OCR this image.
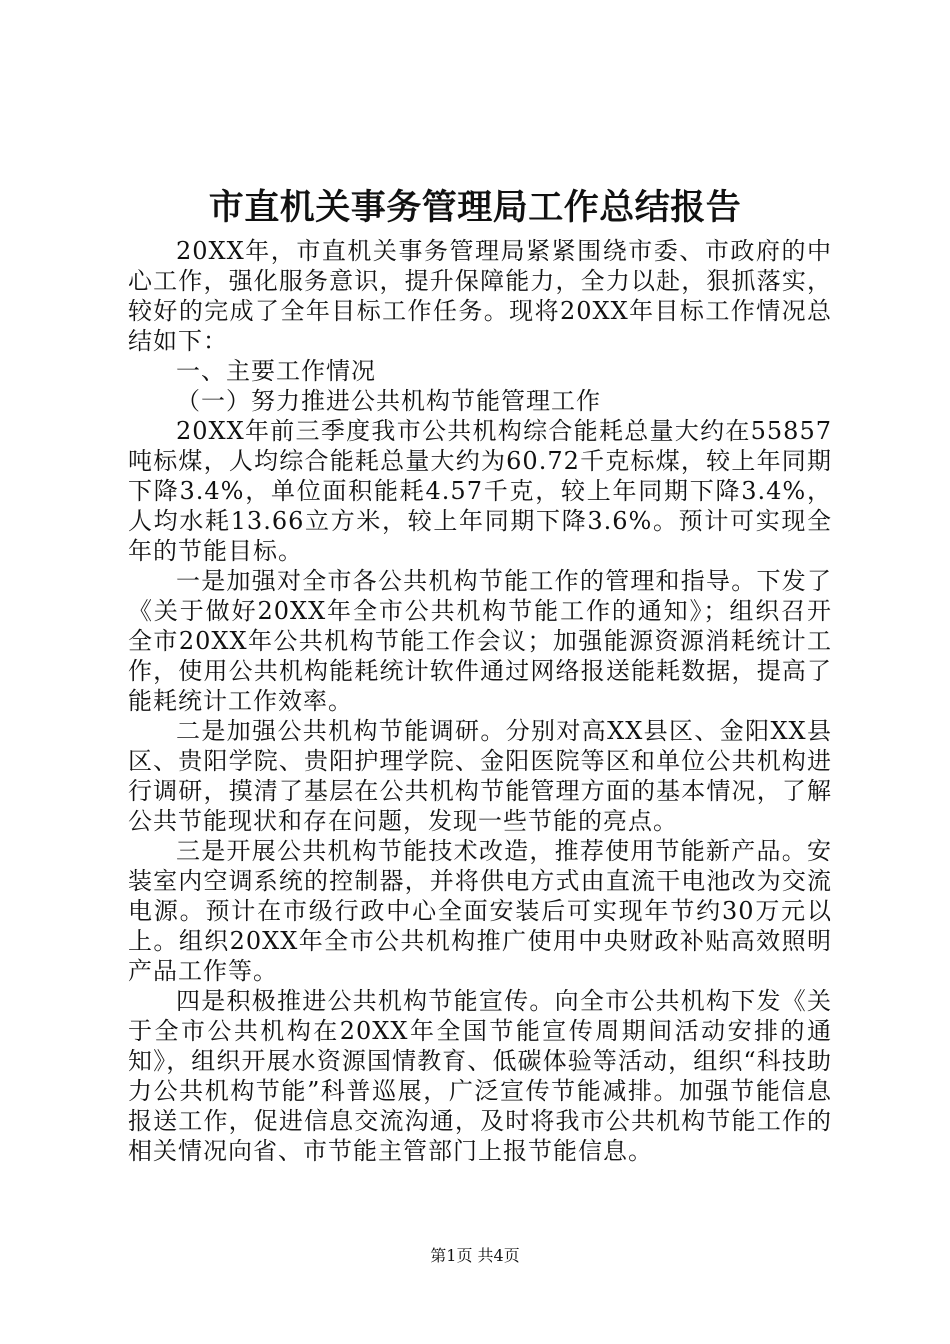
市直机关事务管理局工作总结报告

20XX年，市直机关事务管理局紧紧围绕市委、市政府的中心工作，强化服务意识，提升保障能力，全力以赴，狠抓落实，较好的完成了全年目标工作任务。现将20XX年目标工作情况总结如下：

一、主要工作情况

（一）努力推进公共机构节能管理工作

20XX年前三季度我市公共机构综合能耗总量大约在55857吨标煤，人均综合能耗总量大约为60.72千克标煤，较上年同期下降3.4%，单位面积能耗4.57千克，较上年同期下降3.4%，人均水耗13.66立方米，较上年同期下降3.6%。预计可实现全年的节能目标。

一是加强对全市各公共机构节能工作的管理和指导。下发了《关于做好20XX年全市公共机构节能工作的通知》；组织召开全市20XX年公共机构节能工作会议；加强能源资源消耗统计工作，使用公共机构能耗统计软件通过网络报送能耗数据，提高了能耗统计工作效率。

二是加强公共机构节能调研。分别对高XX县区、金阳XX县区、贵阳学院、贵阳护理学院、金阳医院等区和单位公共机构进行调研，摸清了基层在公共机构节能管理方面的基本情况，了解公共节能现状和存在问题，发现一些节能的亮点。

三是开展公共机构节能技术改造，推荐使用节能新产品。安装室内空调系统的控制器，并将供电方式由直流干电池改为交流电源。预计在市级行政中心全面安装后可实现年节约30万元以上。组织20XX年全市公共机构推广使用中央财政补贴高效照明产品工作等。

四是积极推进公共机构节能宣传。向全市公共机构下发《关于全市公共机构在20XX年全国节能宣传周期间活动安排的通知》，组织开展水资源国情教育、低碳体验等活动，组织“科技助力公共机构节能”科普巡展，广泛宣传节能减排。加强节能信息报送工作，促进信息交流沟通，及时将我市公共机构节能工作的相关情况向省、市节能主管部门上报节能信息。

第1页 共4页
